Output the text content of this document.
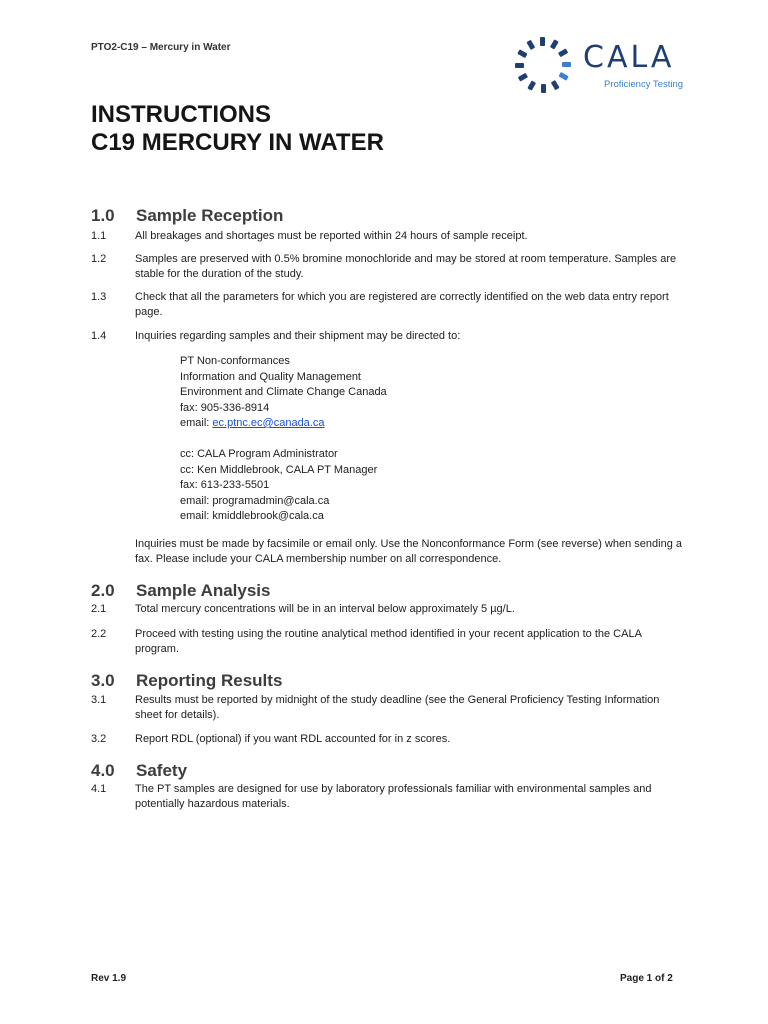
PTO2-C19 – Mercury in Water	CALA
Proficiency Testing
INSTRUCTIONS
C19 MERCURY IN WATER
1.0 Sample Reception
1.1	All breakages and shortages must be reported within 24 hours of sample receipt.
1.2	Samples are preserved with 0.5% bromine monochloride and may be stored at room temperature. Samples are stable for the duration of the study.
1.3	Check that all the parameters for which you are registered are correctly identified on the web data entry report page.
1.4	Inquiries regarding samples and their shipment may be directed to:
PT Non-conformances
Information and Quality Management
Environment and Climate Change Canada
fax: 905-336-8914
email: ec.ptnc.ec@canada.ca
cc: CALA Program Administrator
cc: Ken Middlebrook, CALA PT Manager
fax: 613-233-5501
email: programadmin@cala.ca
email: kmiddlebrook@cala.ca
Inquiries must be made by facsimile or email only. Use the Nonconformance Form (see reverse) when sending a fax. Please include your CALA membership number on all correspondence.
2.0 Sample Analysis
2.1	Total mercury concentrations will be in an interval below approximately 5 µg/L.
2.2	Proceed with testing using the routine analytical method identified in your recent application to the CALA program.
3.0 Reporting Results
3.1	Results must be reported by midnight of the study deadline (see the General Proficiency Testing Information sheet for details).
3.2	Report RDL (optional) if you want RDL accounted for in z scores.
4.0 Safety
4.1	The PT samples are designed for use by laboratory professionals familiar with environmental samples and potentially hazardous materials.
Rev 1.9	Page 1 of 2
